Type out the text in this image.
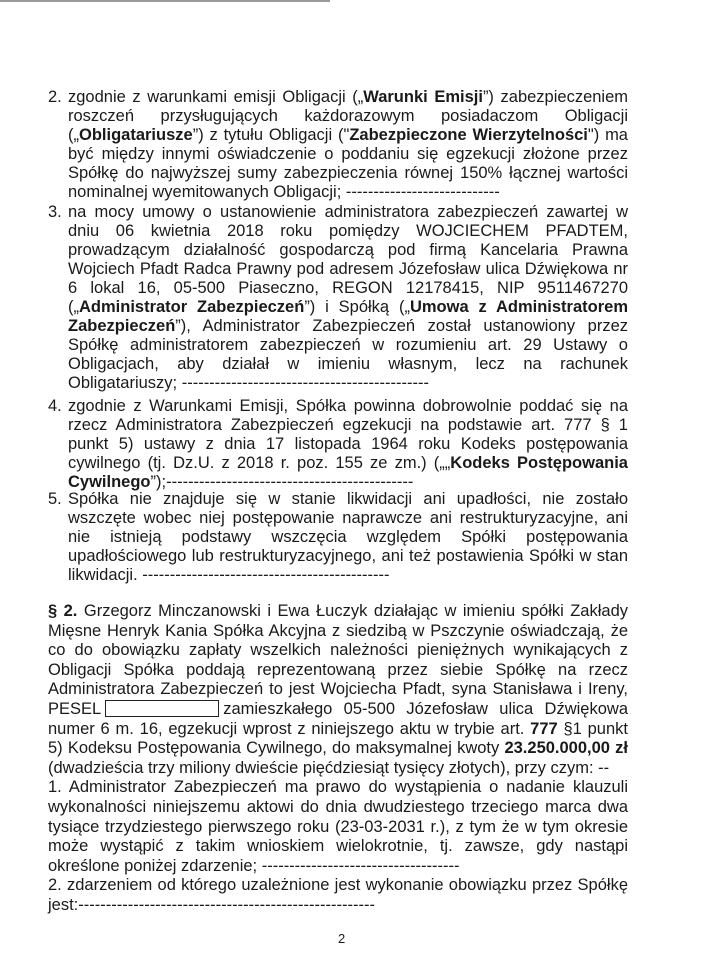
2. zgodnie z warunkami emisji Obligacji („Warunki Emisji”) zabezpieczeniem roszczeń przysługujących każdorazowym posiadaczom Obligacji („Obligatariusze”) z tytułu Obligacji ("Zabezpieczone Wierzytelności") ma być między innymi oświadczenie o poddaniu się egzekucji złożone przez Spółkę do najwyższej sumy zabezpieczenia równej 150% łącznej wartości nominalnej wyemitowanych Obligacji; ----------------------------
3. na mocy umowy o ustanowienie administratora zabezpieczeń zawartej w dniu 06 kwietnia 2018 roku pomiędzy WOJCIECHEM PFADTEM, prowadzącym działalność gospodarczą pod firmą Kancelaria Prawna Wojciech Pfadt Radca Prawny pod adresem Józefosław ulica Dźwiękowa nr 6 lokal 16, 05-500 Piaseczno, REGON 12178415, NIP 9511467270 („Administrator Zabezpieczeń”) i Spółką („Umowa z Administratorem Zabezpieczeń”), Administrator Zabezpieczeń został ustanowiony przez Spółkę administratorem zabezpieczeń w rozumieniu art. 29 Ustawy o Obligacjach, aby działał w imieniu własnym, lecz na rachunek Obligatariuszy; ---------------------------------------------
4. zgodnie z Warunkami Emisji, Spółka powinna dobrowolnie poddać się na rzecz Administratora Zabezpieczeń egzekucji na podstawie art. 777 § 1 punkt 5) ustawy z dnia 17 listopada 1964 roku Kodeks postępowania cywilnego (tj. Dz.U. z 2018 r. poz. 155 ze zm.) („„Kodeks Postępowania Cywilnego”);---------------------------------------------
5. Spółka nie znajduje się w stanie likwidacji ani upadłości, nie zostało wszczęte wobec niej postępowanie naprawcze ani restrukturyzacyjne, ani nie istnieją podstawy wszczęcia względem Spółki postępowania upadłościowego lub restrukturyzacyjnego, ani też postawienia Spółki w stan likwidacji. ---------------------------------------------
§ 2. Grzegorz Minczanowski i Ewa Łuczyk działając w imieniu spółki Zakłady Mięsne Henryk Kania Spółka Akcyjna z siedzibą w Pszczynie oświadczają, że co do obowiązku zapłaty wszelkich należności pieniężnych wynikających z Obligacji Spółka poddają reprezentowaną przez siebie Spółkę na rzecz Administratora Zabezpieczeń to jest Wojciecha Pfadt, syna Stanisława i Ireny, PESEL	zamieszkałego 05-500 Józefosław ulica Dźwiękowa numer 6 m. 16, egzekucji wprost z niniejszego aktu w trybie art. 777 §1 punkt 5) Kodeksu Postępowania Cywilnego, do maksymalnej kwoty 23.250.000,00 zł (dwadzieścia trzy miliony dwieście pięćdziesiąt tysięcy złotych), przy czym: --
1. Administrator Zabezpieczeń ma prawo do wystąpienia o nadanie klauzuli wykonalności niniejszemu aktowi do dnia dwudziestego trzeciego marca dwa tysiące trzydziestego pierwszego roku (23-03-2031 r.), z tym że w tym okresie może wystąpić z takim wnioskiem wielokrotnie, tj. zawsze, gdy nastąpi określone poniżej zdarzenie; ------------------------------------
2. zdarzeniem od którego uzależnione jest wykonanie obowiązku przez Spółkę jest:------------------------------------------------------
2
